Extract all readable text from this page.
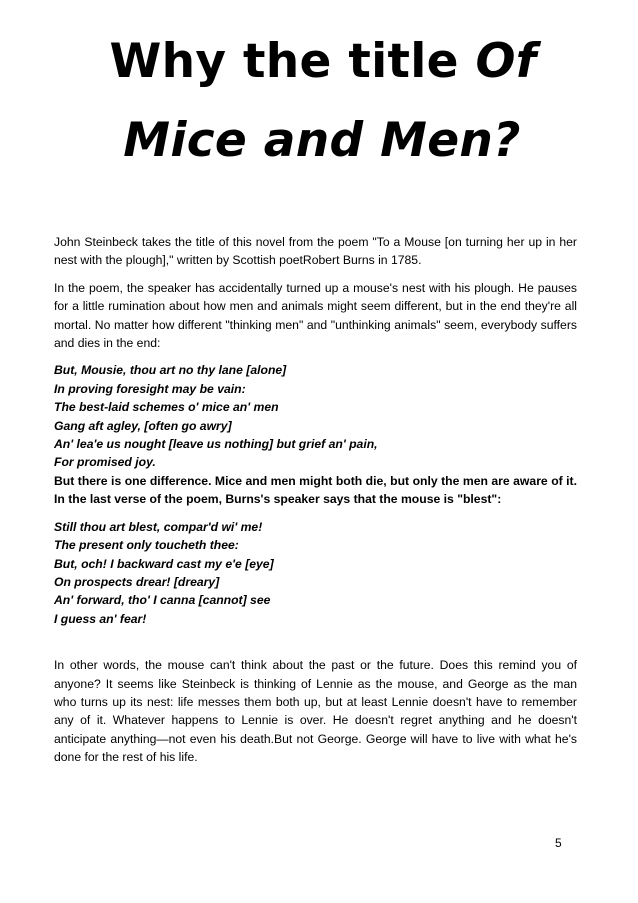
Why the title Of
Mice and Men?

John Steinbeck takes the title of this novel from the poem "To a Mouse [on turning her up in her nest with the plough]," written by Scottish poetRobert Burns in 1785.

In the poem, the speaker has accidentally turned up a mouse's nest with his plough. He pauses for a little rumination about how men and animals might seem different, but in the end they're all mortal. No matter how different "thinking men" and "unthinking animals" seem, everybody suffers and dies in the end:

But, Mousie, thou art no thy lane [alone]
In proving foresight may be vain:
The best-laid schemes o' mice an' men
Gang aft agley, [often go awry]
An' lea'e us nought [leave us nothing] but grief an' pain,
For promised joy.

But there is one difference. Mice and men might both die, but only the men are aware of it. In the last verse of the poem, Burns's speaker says that the mouse is "blest":

Still thou art blest, compar'd wi' me!
The present only toucheth thee:
But, och! I backward cast my e'e [eye]
On prospects drear! [dreary]
An' forward, tho' I canna [cannot] see
I guess an' fear!

In other words, the mouse can't think about the past or the future. Does this remind you of anyone? It seems like Steinbeck is thinking of Lennie as the mouse, and George as the man who turns up its nest: life messes them both up, but at least Lennie doesn't have to remember any of it. Whatever happens to Lennie is over. He doesn't regret anything and he doesn't anticipate anything—not even his death.But not George. George will have to live with what he's done for the rest of his life.

5
